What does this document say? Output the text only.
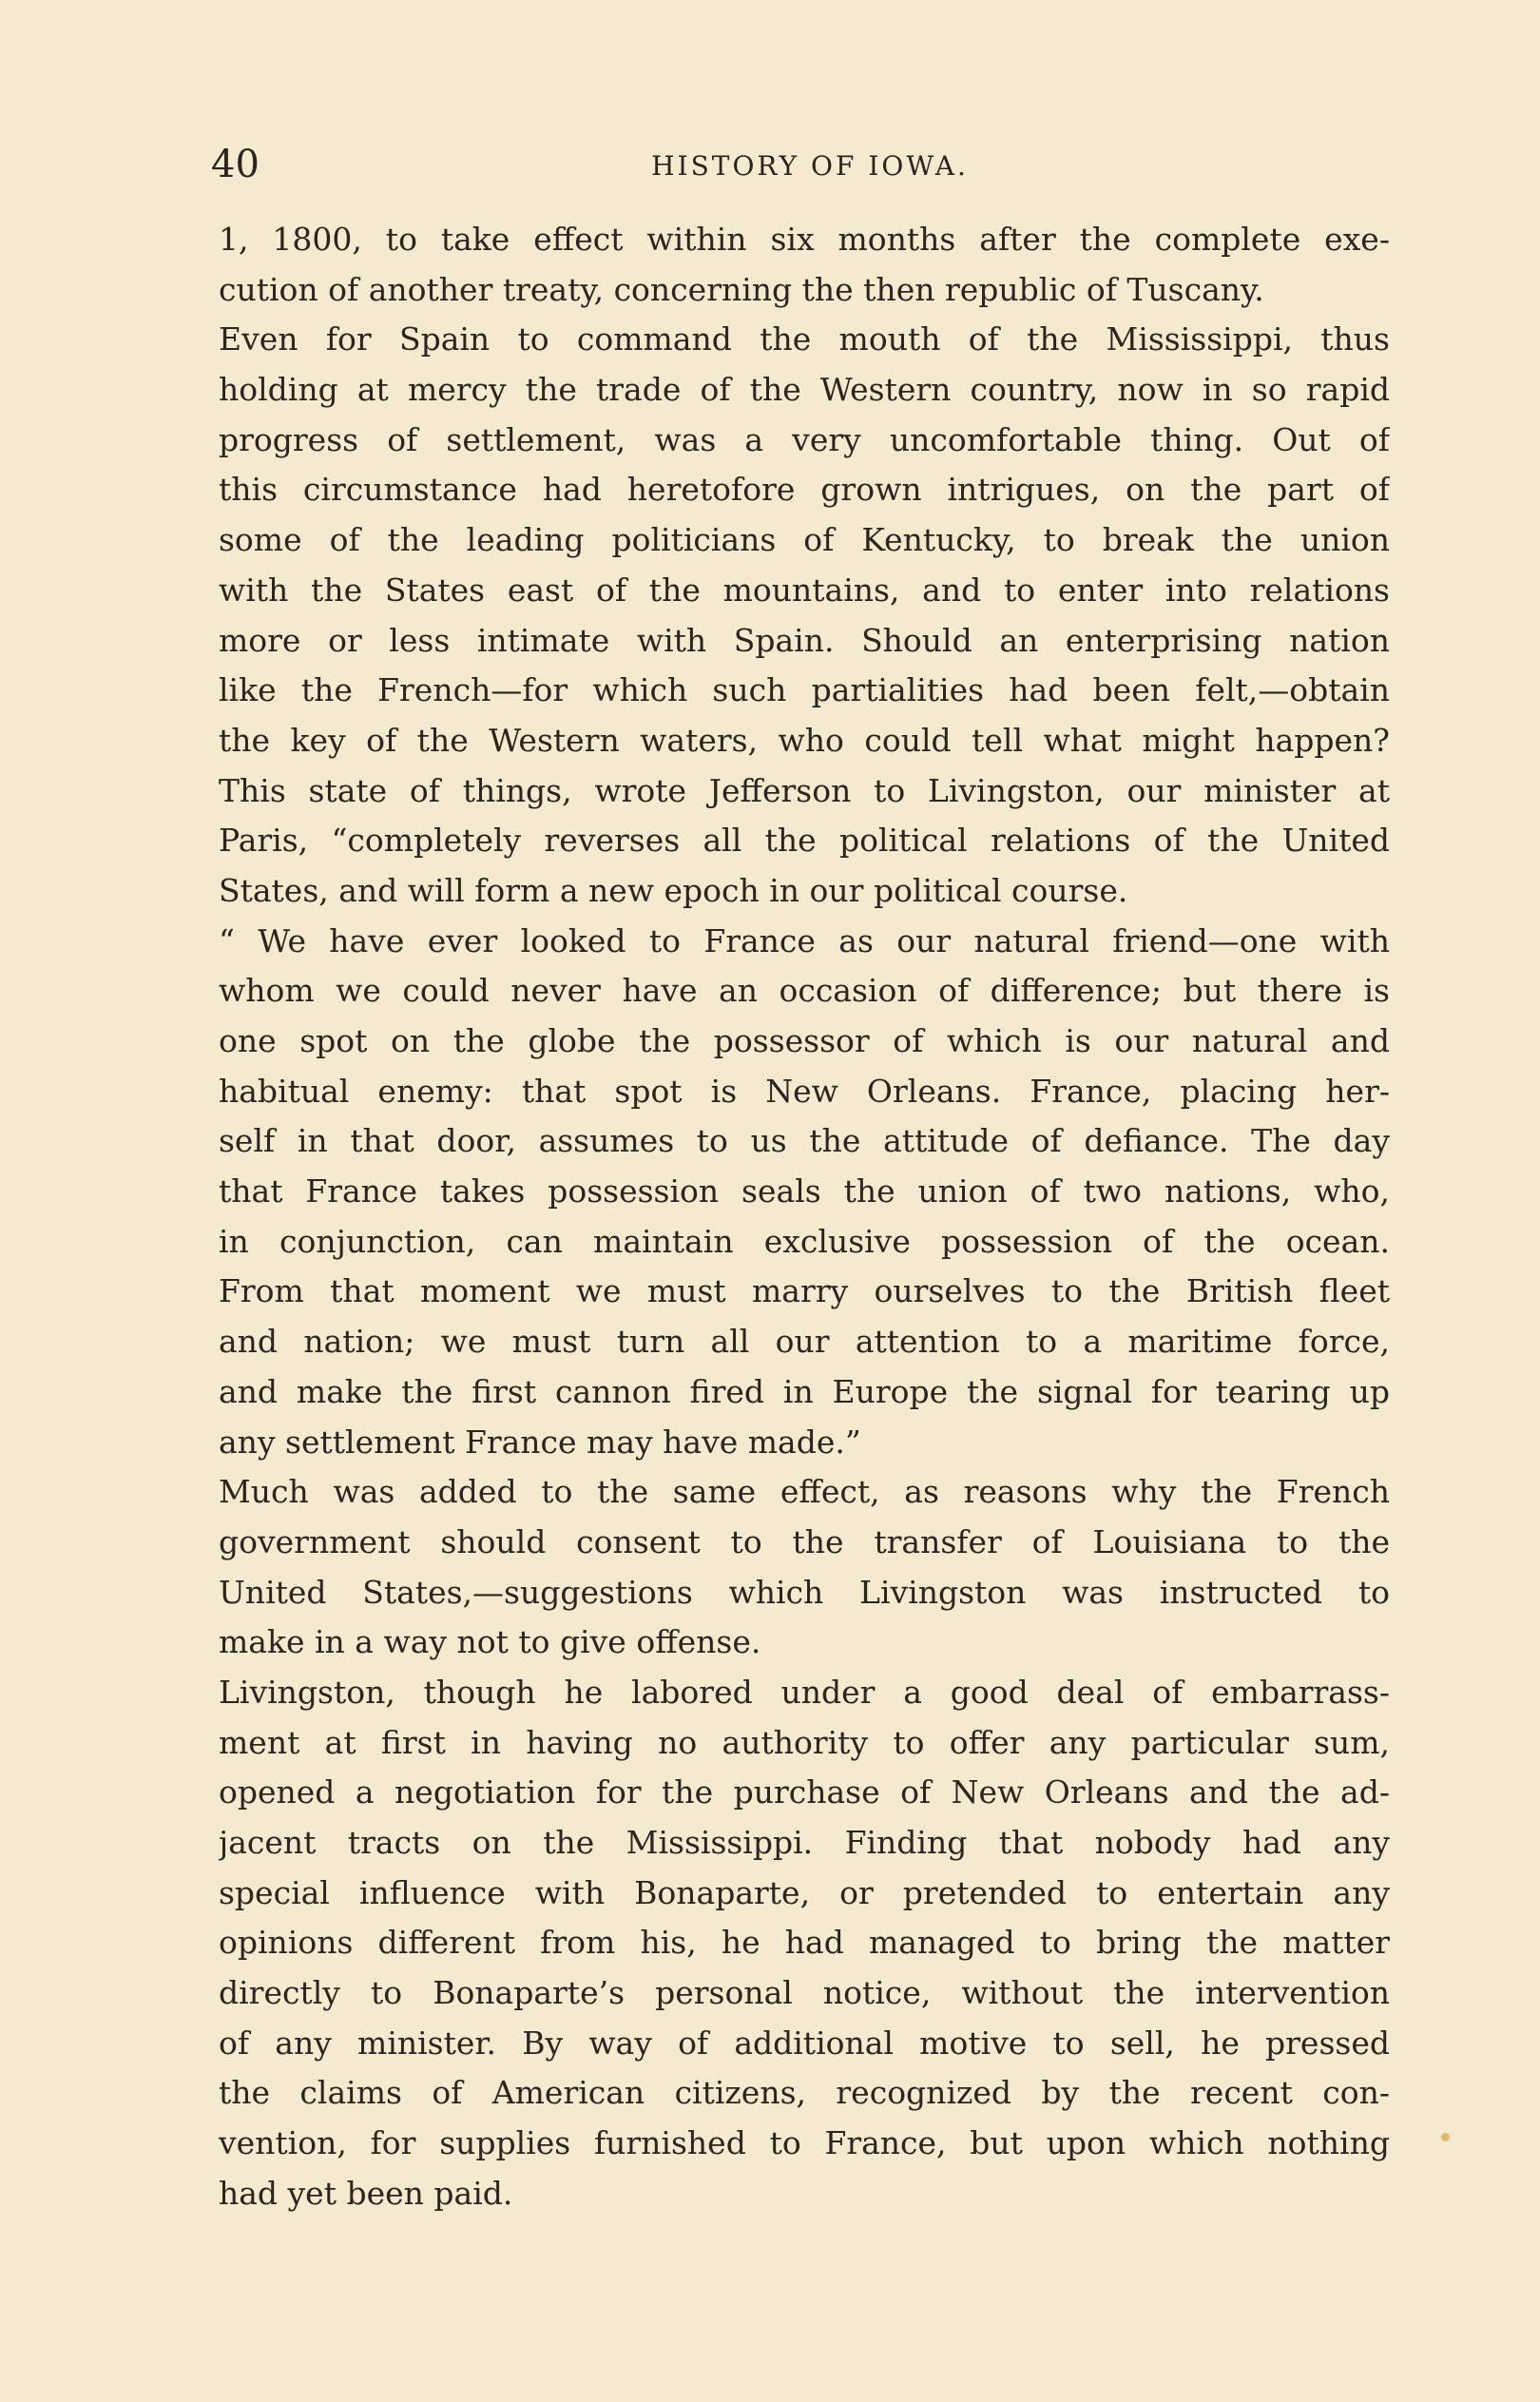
40	HISTORY OF IOWA.
1, 1800, to take effect within six months after the complete exe-
cution of another treaty, concerning the then republic of Tuscany.
Even for Spain to command the mouth of the Mississippi, thus
holding at mercy the trade of the Western country, now in so rapid
progress of settlement, was a very uncomfortable thing. Out of
this circumstance had heretofore grown intrigues, on the part of
some of the leading politicians of Kentucky, to break the union
with the States east of the mountains, and to enter into relations
more or less intimate with Spain. Should an enterprising nation
like the French—for which such partialities had been felt,—obtain
the key of the Western waters, who could tell what might happen?
This state of things, wrote Jefferson to Livingston, our minister at
Paris, “completely reverses all the political relations of the United
States, and will form a new epoch in our political course.
“ We have ever looked to France as our natural friend—one with
whom we could never have an occasion of difference; but there is
one spot on the globe the possessor of which is our natural and
habitual enemy: that spot is New Orleans. France, placing her-
self in that door, assumes to us the attitude of defiance. The day
that France takes possession seals the union of two nations, who,
in conjunction, can maintain exclusive possession of the ocean.
From that moment we must marry ourselves to the British fleet
and nation; we must turn all our attention to a maritime force,
and make the first cannon fired in Europe the signal for tearing up
any settlement France may have made.”
Much was added to the same effect, as reasons why the French
government should consent to the transfer of Louisiana to the
United States,—suggestions which Livingston was instructed to
make in a way not to give offense.
Livingston, though he labored under a good deal of embarrass-
ment at first in having no authority to offer any particular sum,
opened a negotiation for the purchase of New Orleans and the ad-
jacent tracts on the Mississippi. Finding that nobody had any
special influence with Bonaparte, or pretended to entertain any
opinions different from his, he had managed to bring the matter
directly to Bonaparte’s personal notice, without the intervention
of any minister. By way of additional motive to sell, he pressed
the claims of American citizens, recognized by the recent con-
vention, for supplies furnished to France, but upon which nothing
had yet been paid.
